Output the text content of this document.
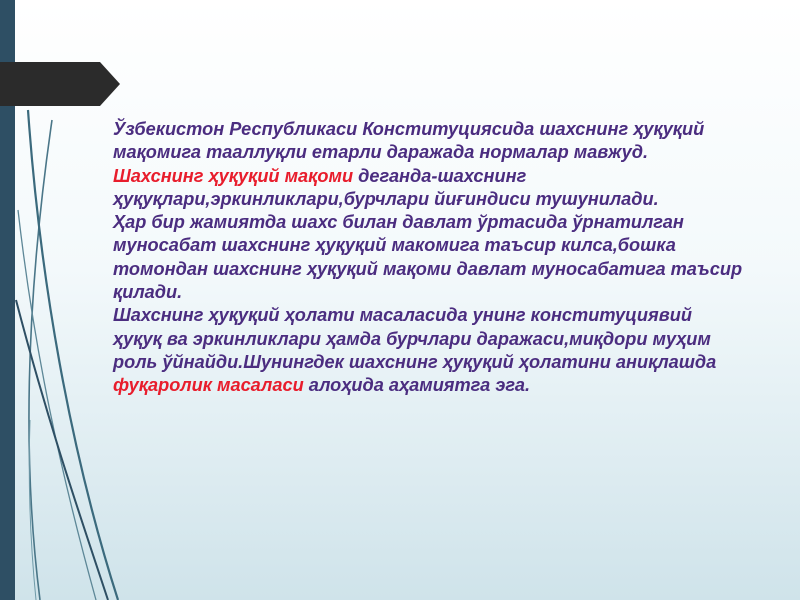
Ўзбекистон Республикаси Конституциясида шахснинг ҳуқуқий мақомига тааллуқли етарли даражада нормалар мавжуд.

Шахснинг ҳуқуқий мақоми деганда-шахснинг ҳуқуқлари,эркинликлари,бурчлари йиғиндиси тушунилади.

Ҳар бир жамиятда шахс билан давлат ўртасида ўрнатилган муносабат шахснинг ҳуқуқий макомига таъсир килса,бошка томондан шахснинг ҳуқуқий мақоми давлат муносабатига таъсир қилади.

Шахснинг ҳуқуқий ҳолати масаласида унинг конституциявий ҳуқуқ ва эркинликлари ҳамда бурчлари даражаси,миқдори муҳим роль ўйнайди.Шунингдек шахснинг ҳуқуқий ҳолатини аниқлашда фуқаролик масаласи алоҳида аҳамиятга эга.
